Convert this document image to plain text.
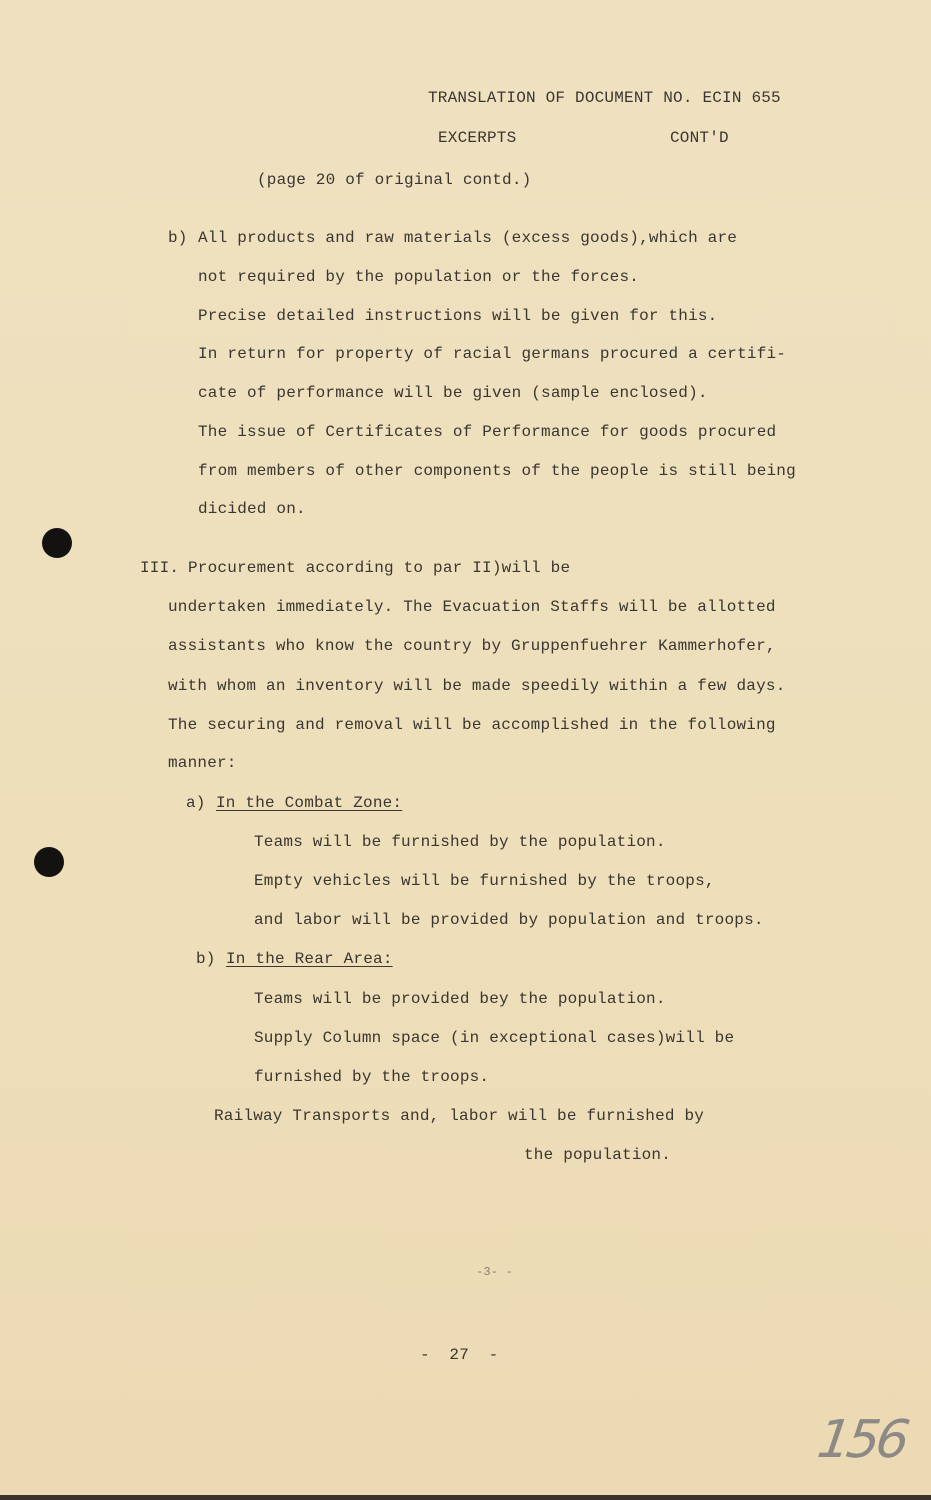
TRANSLATION OF DOCUMENT NO. ECIN 655
EXCERPTS	CONT'D
(page 20 of original contd.)
b) All products and raw materials (excess goods),which are
not required by the population or the forces.
Precise detailed instructions will be given for this.
In return for property of racial germans procured a certifi-
cate of performance will be given (sample enclosed).
The issue of Certificates of Performance for goods procured
from members of other components of the people is still being
dicided on.
III. Procurement according to par II)will be
undertaken immediately. The Evacuation Staffs will be allotted
assistants who know the country by Gruppenfuehrer Kammerhofer,
with whom an inventory will be made speedily within a few days.
The securing and removal will be accomplished in the following
manner:
a) In the Combat Zone:
Teams will be furnished by the population.
Empty vehicles will be furnished by the troops,
and labor will be provided by population and troops.
b) In the Rear Area:
Teams will be provided bey the population.
Supply Column space (in exceptional cases)will be
furnished by the troops.
Railway Transports and, labor will be furnished by
the population.
-3- -
-  27  -
156
